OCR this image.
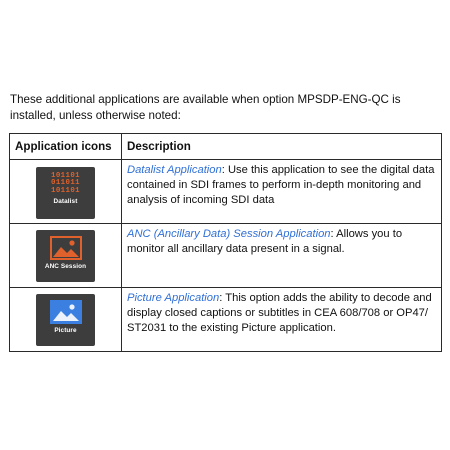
These additional applications are available when option MPSDP-ENG-QC is installed, unless otherwise noted:

Application icons	Description

101101
011011
101101
Datalist	Datalist Application: Use this application to see the digital data contained in SDI frames to perform in-depth monitoring and analysis of incoming SDI data

ANC Session	ANC (Ancillary Data) Session Application: Allows you to monitor all ancillary data present in a signal.

Picture	Picture Application: This option adds the ability to decode and display closed captions or subtitles in CEA 608/708 or OP47/ ST2031 to the existing Picture application.
